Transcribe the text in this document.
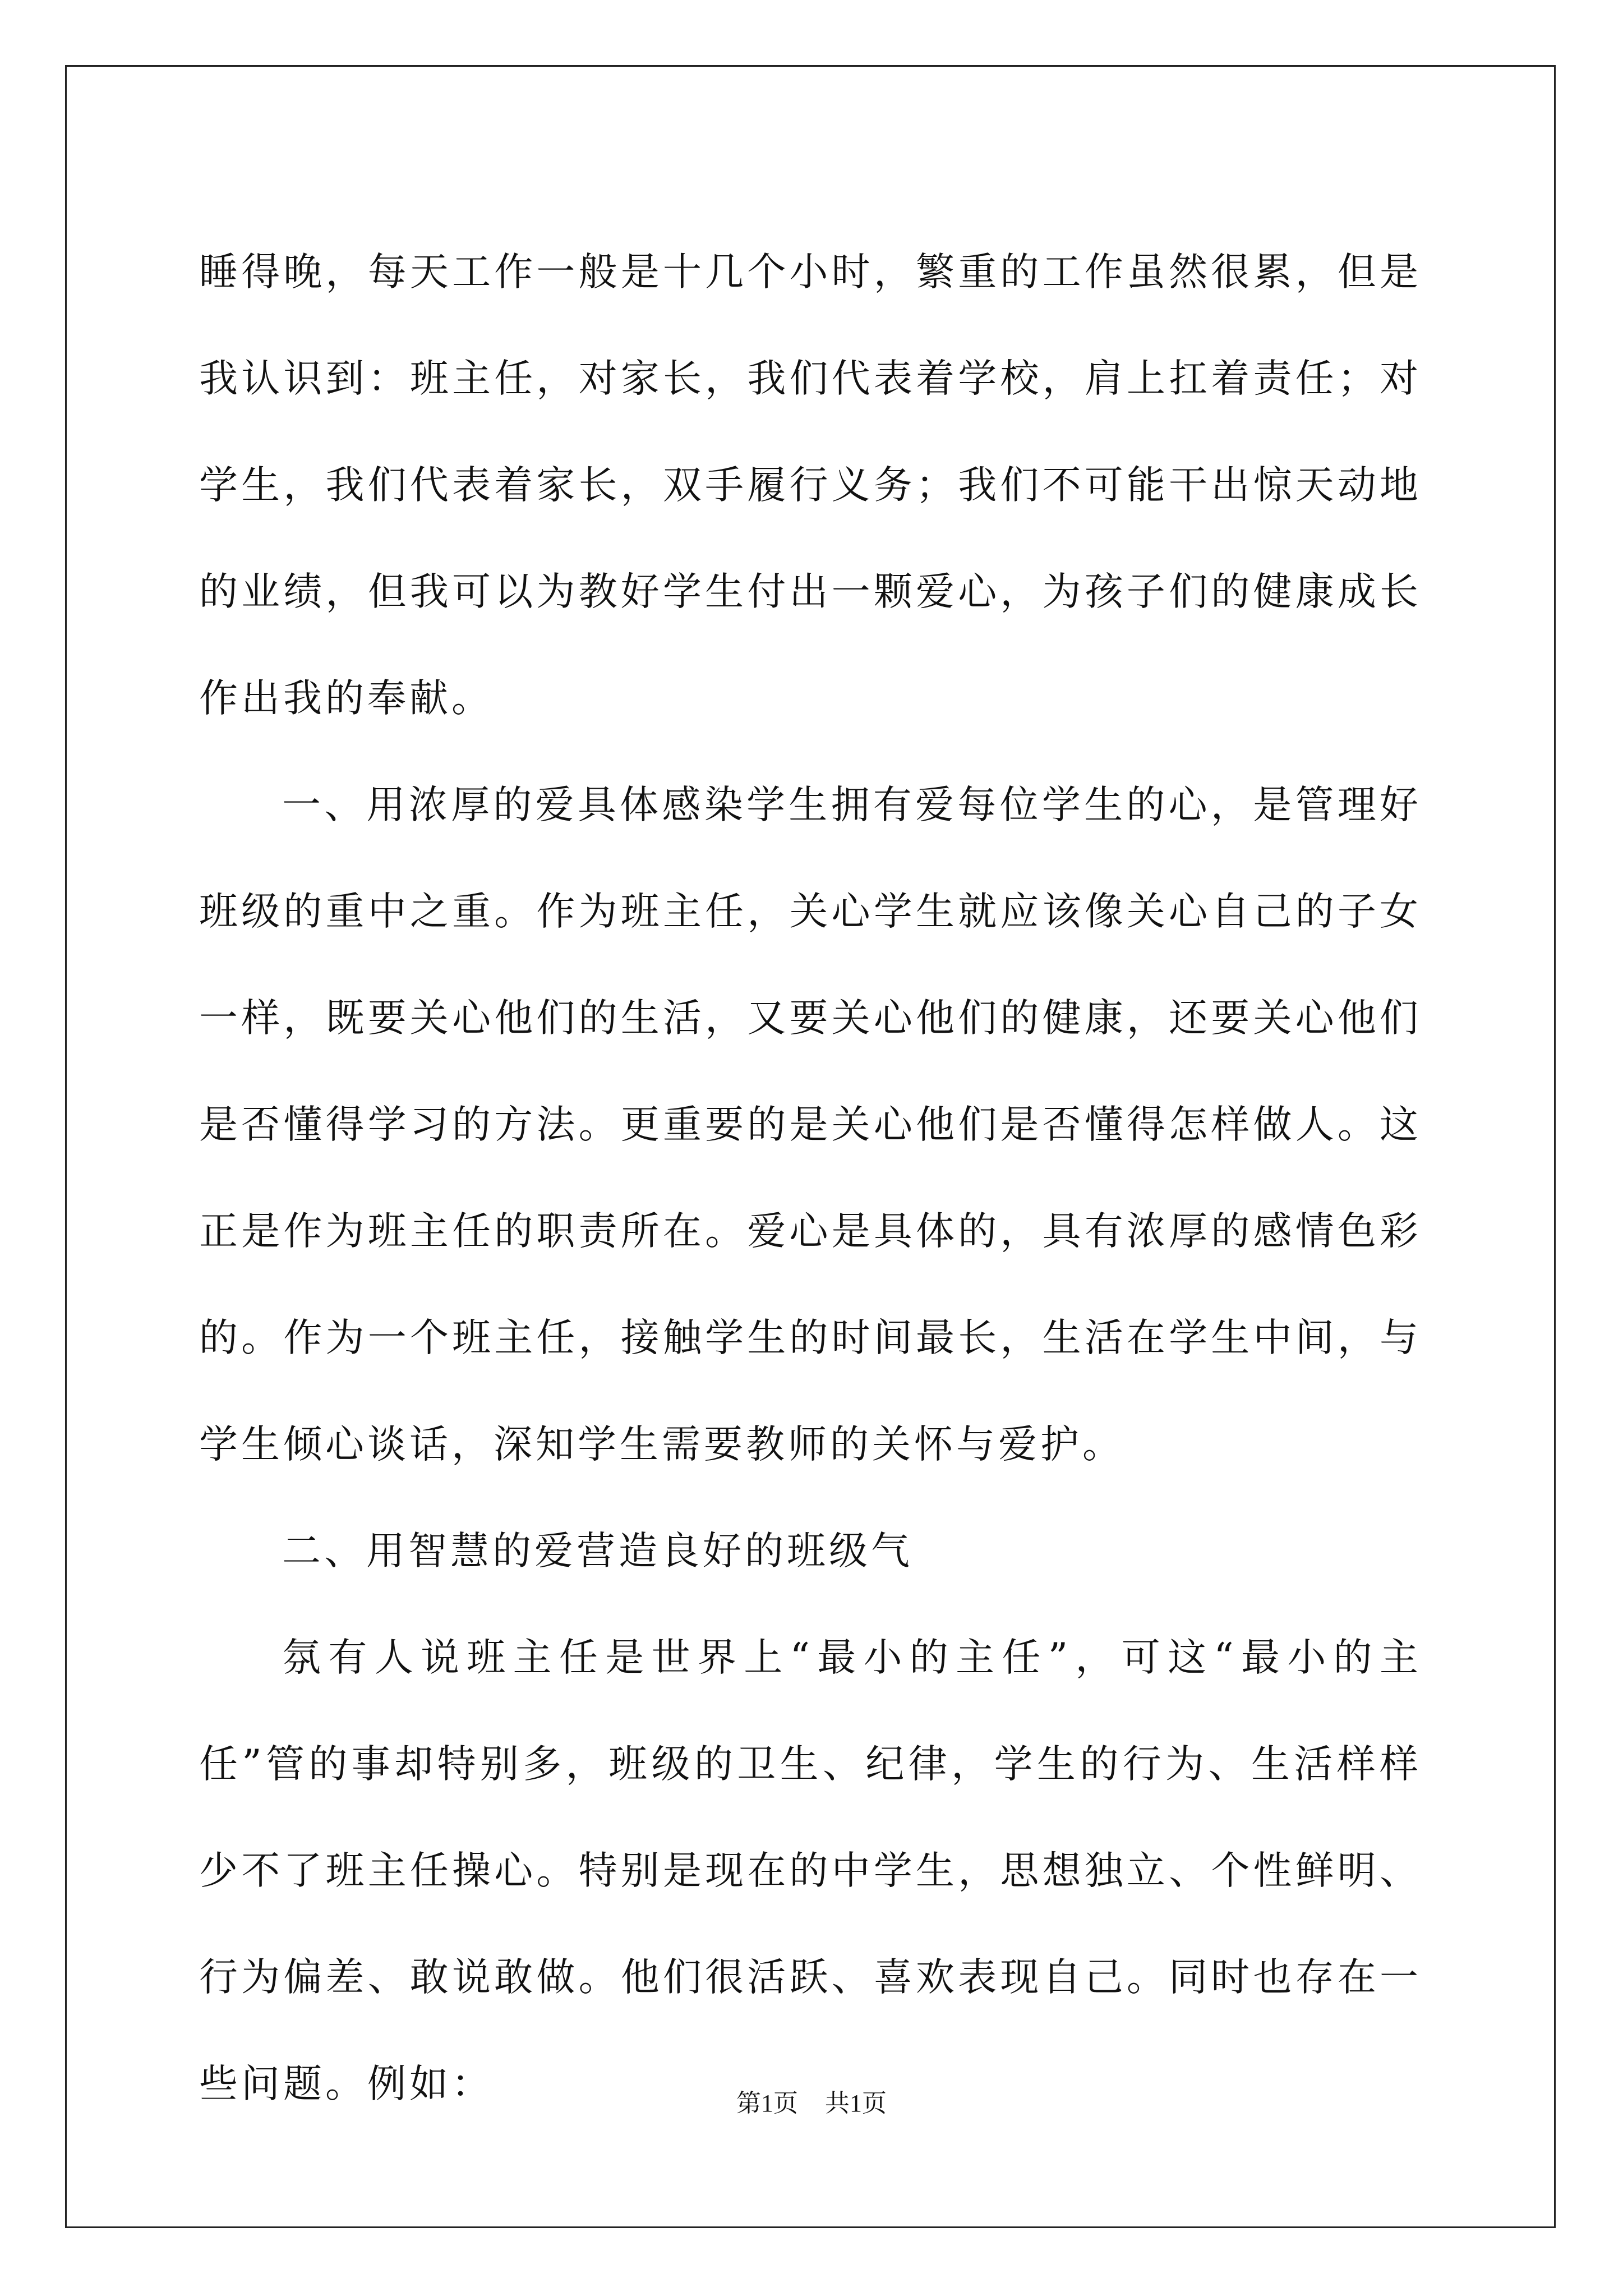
睡得晚，每天工作一般是十几个小时，繁重的工作虽然很累，但是我认识到：班主任，对家长，我们代表着学校，肩上扛着责任；对学生，我们代表着家长，双手履行义务；我们不可能干出惊天动地的业绩，但我可以为教好学生付出一颗爱心，为孩子们的健康成长作出我的奉献。

一、用浓厚的爱具体感染学生拥有爱每位学生的心，是管理好班级的重中之重。作为班主任，关心学生就应该像关心自己的子女一样，既要关心他们的生活，又要关心他们的健康，还要关心他们是否懂得学习的方法。更重要的是关心他们是否懂得怎样做人。这正是作为班主任的职责所在。爱心是具体的，具有浓厚的感情色彩的。作为一个班主任，接触学生的时间最长，生活在学生中间，与学生倾心谈话，深知学生需要教师的关怀与爱护。

二、用智慧的爱营造良好的班级气

氛有人说班主任是世界上“最小的主任”，可这“最小的主任”管的事却特别多，班级的卫生、纪律，学生的行为、生活样样少不了班主任操心。特别是现在的中学生，思想独立、个性鲜明、行为偏差、敢说敢做。他们很活跃、喜欢表现自己。同时也存在一些问题。例如：	第1页 共1页
